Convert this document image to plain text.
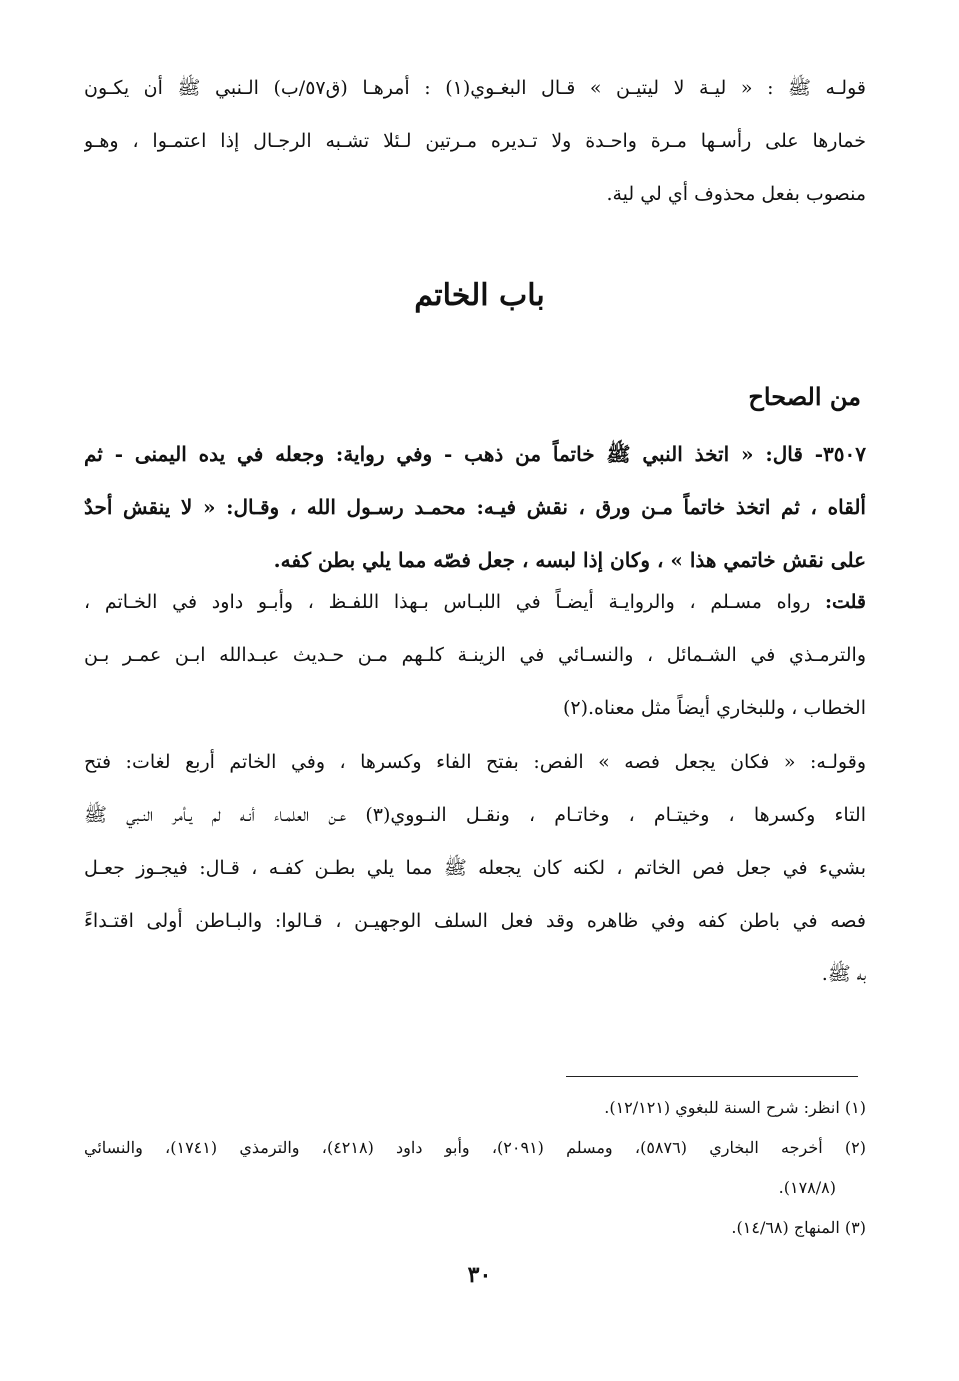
قولـه ﷺ : « ليـة لا ليتيـن » قـال البغـوي(١) : أمرهـا (ق٥٧/ب) الـنبي ﷺ أن يكـون
خمارها على رأسـها مـرة واحـدة ولا تـديره مـرتين لـئلا تشـبه الرجـال إذا اعتمـوا ، وهـو
منصوب بفعل محذوف أي لي لية.
باب الخاتم
من الصحاح
٣٥٠٧- قال: « اتخذ النبي ﷺ خاتماً من ذهب - وفي رواية: وجعله في يده اليمنى - ثم
ألقاه ، ثم اتخذ خاتماً مـن ورق ، نقش فيـه: محمـد رسـول الله ، وقـال: « لا ينقش أحدٌ
على نقش خاتمي هذا » ، وكان إذا لبسه ، جعل فصّه مما يلي بطن كفه.
قلت: رواه مسـلم ، والروايـة أيضـاً في اللبـاس بـهذا اللفـظ ، وأبـو داود في الخـاتم ،
والترمـذي في الشـمائل ، والنسـائي في الزينـة كلـهم مـن حـديث عبـدالله ابـن عمـر بـن
الخطاب ، وللبخاري أيضاً مثل معناه.(٢)
وقولـه: « فكان يجعل فصه » الفص: بفتح الفاء وكسرها ، وفي الخاتم أربع لغات: فتح
التاء وكسرها ، وخيتـام ، وخاتـام ، ونقـل النـووي(٣) عـن العلمـاء أنـه لم يـأمر النـبي ﷺ
بشيء في جعل فص الخاتم ، لكنه كان يجعله ﷺ مما يلي بطـن كفـه ، قـال: فيجـوز جعـل
فصه في باطن كفه وفي ظاهره وقد فعل السلف الوجهيـن ، قـالوا: والبـاطن أولى اقتـداءً
به ﷺ.
(١) انظر: شرح السنة للبغوي (١٢/١٢١).
(٢) أخرجه البخاري (٥٨٧٦)، ومسلم (٢٠٩١)، وأبو داود (٤٢١٨)، والترمذي (١٧٤١)، والنسائي
(١٧٨/٨).
(٣) المنهاج (١٤/٦٨).
٣٠
